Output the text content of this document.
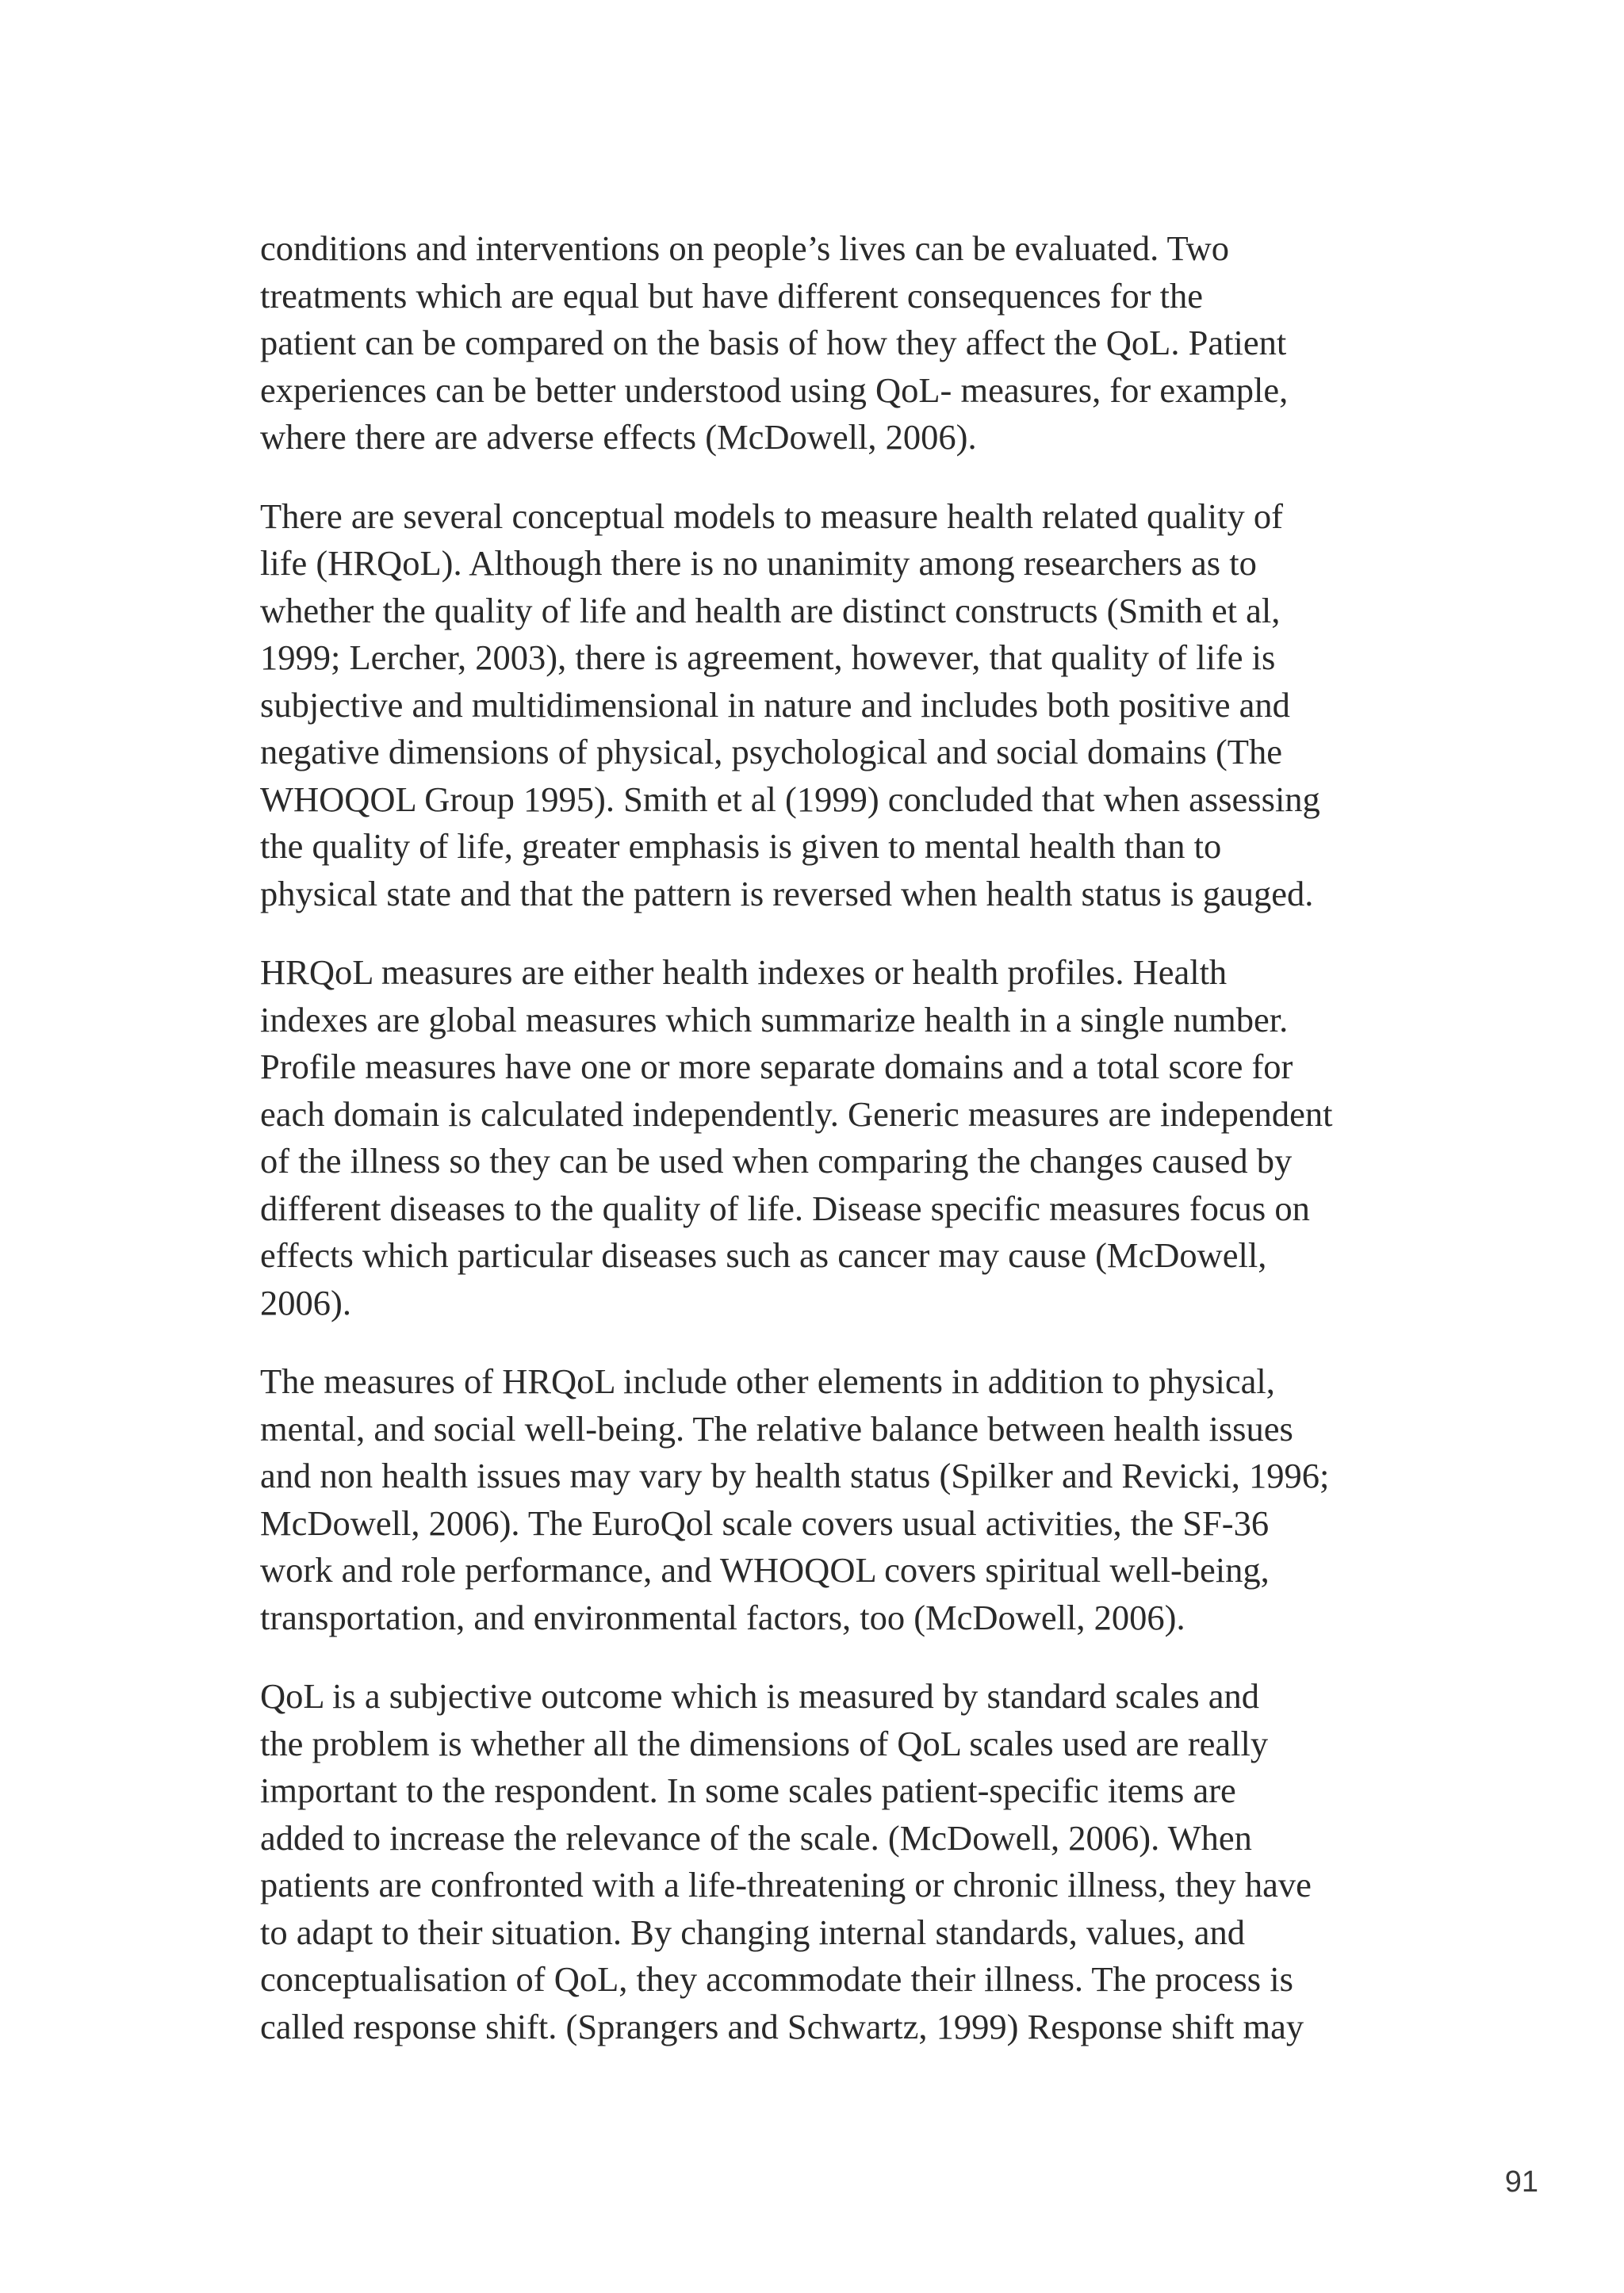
conditions and interventions on people’s lives can be evaluated. Two
treatments which are equal but have different consequences for the
patient can be compared on the basis of how they affect the QoL. Patient
experiences can be better understood using QoL- measures, for example,
where there are adverse effects (McDowell, 2006).

There are several conceptual models to measure health related quality of
life (HRQoL). Although there is no unanimity among researchers as to
whether the quality of life and health are distinct constructs (Smith et al,
1999; Lercher, 2003), there is agreement, however, that quality of life is
subjective and multidimensional in nature and includes both positive and
negative dimensions of physical, psychological and social domains (The
WHOQOL Group 1995). Smith et al (1999) concluded that when assessing
the quality of life, greater emphasis is given to mental health than to
physical state and that the pattern is reversed when health status is gauged.

HRQoL measures are either health indexes or health profiles. Health
indexes are global measures which summarize health in a single number.
Profile measures have one or more separate domains and a total score for
each domain is calculated independently. Generic measures are independent
of the illness so they can be used when comparing the changes caused by
different diseases to the quality of life. Disease specific measures focus on
effects which particular diseases such as cancer may cause (McDowell,
2006).

The measures of HRQoL include other elements in addition to physical,
mental, and social well-being. The relative balance between health issues
and non health issues may vary by health status (Spilker and Revicki, 1996;
McDowell, 2006). The EuroQol scale covers usual activities, the SF-36
work and role performance, and WHOQOL covers spiritual well-being,
transportation, and environmental factors, too (McDowell, 2006).

QoL is a subjective outcome which is measured by standard scales and
the problem is whether all the dimensions of QoL scales used are really
important to the respondent. In some scales patient-specific items are
added to increase the relevance of the scale. (McDowell, 2006). When
patients are confronted with a life-threatening or chronic illness, they have
to adapt to their situation. By changing internal standards, values, and
conceptualisation of QoL, they accommodate their illness. The process is
called response shift. (Sprangers and Schwartz, 1999) Response shift may

91
